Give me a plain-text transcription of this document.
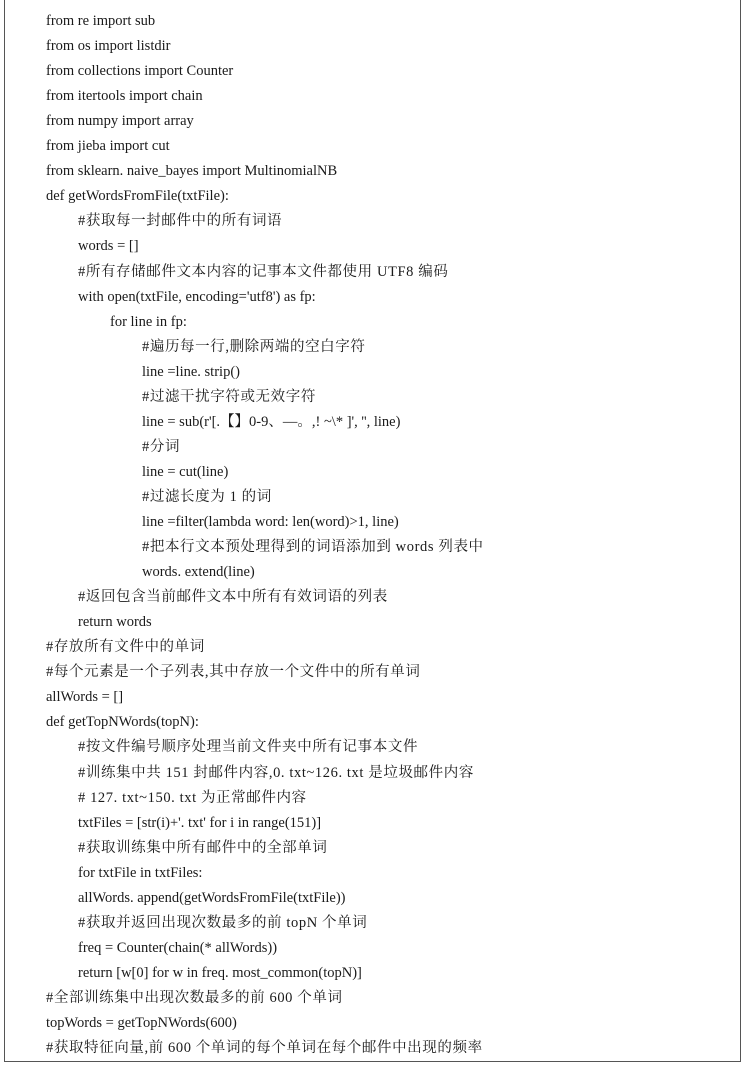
from re import sub
from os import listdir
from collections import Counter
from itertools import chain
from numpy import array
from jieba import cut
from sklearn. naive_bayes import MultinomialNB
def getWordsFromFile(txtFile):
#获取每一封邮件中的所有词语
words = []
#所有存储邮件文本内容的记事本文件都使用 UTF8 编码
with open(txtFile, encoding='utf8') as fp:
for line in fp:
#遍历每一行,删除两端的空白字符
line =line. strip()
#过滤干扰字符或无效字符
line = sub(r'[.【】0-9、—。,! ~\* ]', '', line)
#分词
line = cut(line)
#过滤长度为 1 的词
line =filter(lambda word: len(word)>1, line)
#把本行文本预处理得到的词语添加到 words 列表中
words. extend(line)
#返回包含当前邮件文本中所有有效词语的列表
return words
#存放所有文件中的单词
#每个元素是一个子列表,其中存放一个文件中的所有单词
allWords = []
def getTopNWords(topN):
#按文件编号顺序处理当前文件夹中所有记事本文件
#训练集中共 151 封邮件内容,0. txt~126. txt 是垃圾邮件内容
# 127. txt~150. txt 为正常邮件内容
txtFiles = [str(i)+'. txt' for i in range(151)]
#获取训练集中所有邮件中的全部单词
for txtFile in txtFiles:
allWords. append(getWordsFromFile(txtFile))
#获取并返回出现次数最多的前 topN 个单词
freq = Counter(chain(* allWords))
return [w[0] for w in freq. most_common(topN)]
#全部训练集中出现次数最多的前 600 个单词
topWords = getTopNWords(600)
#获取特征向量,前 600 个单词的每个单词在每个邮件中出现的频率
